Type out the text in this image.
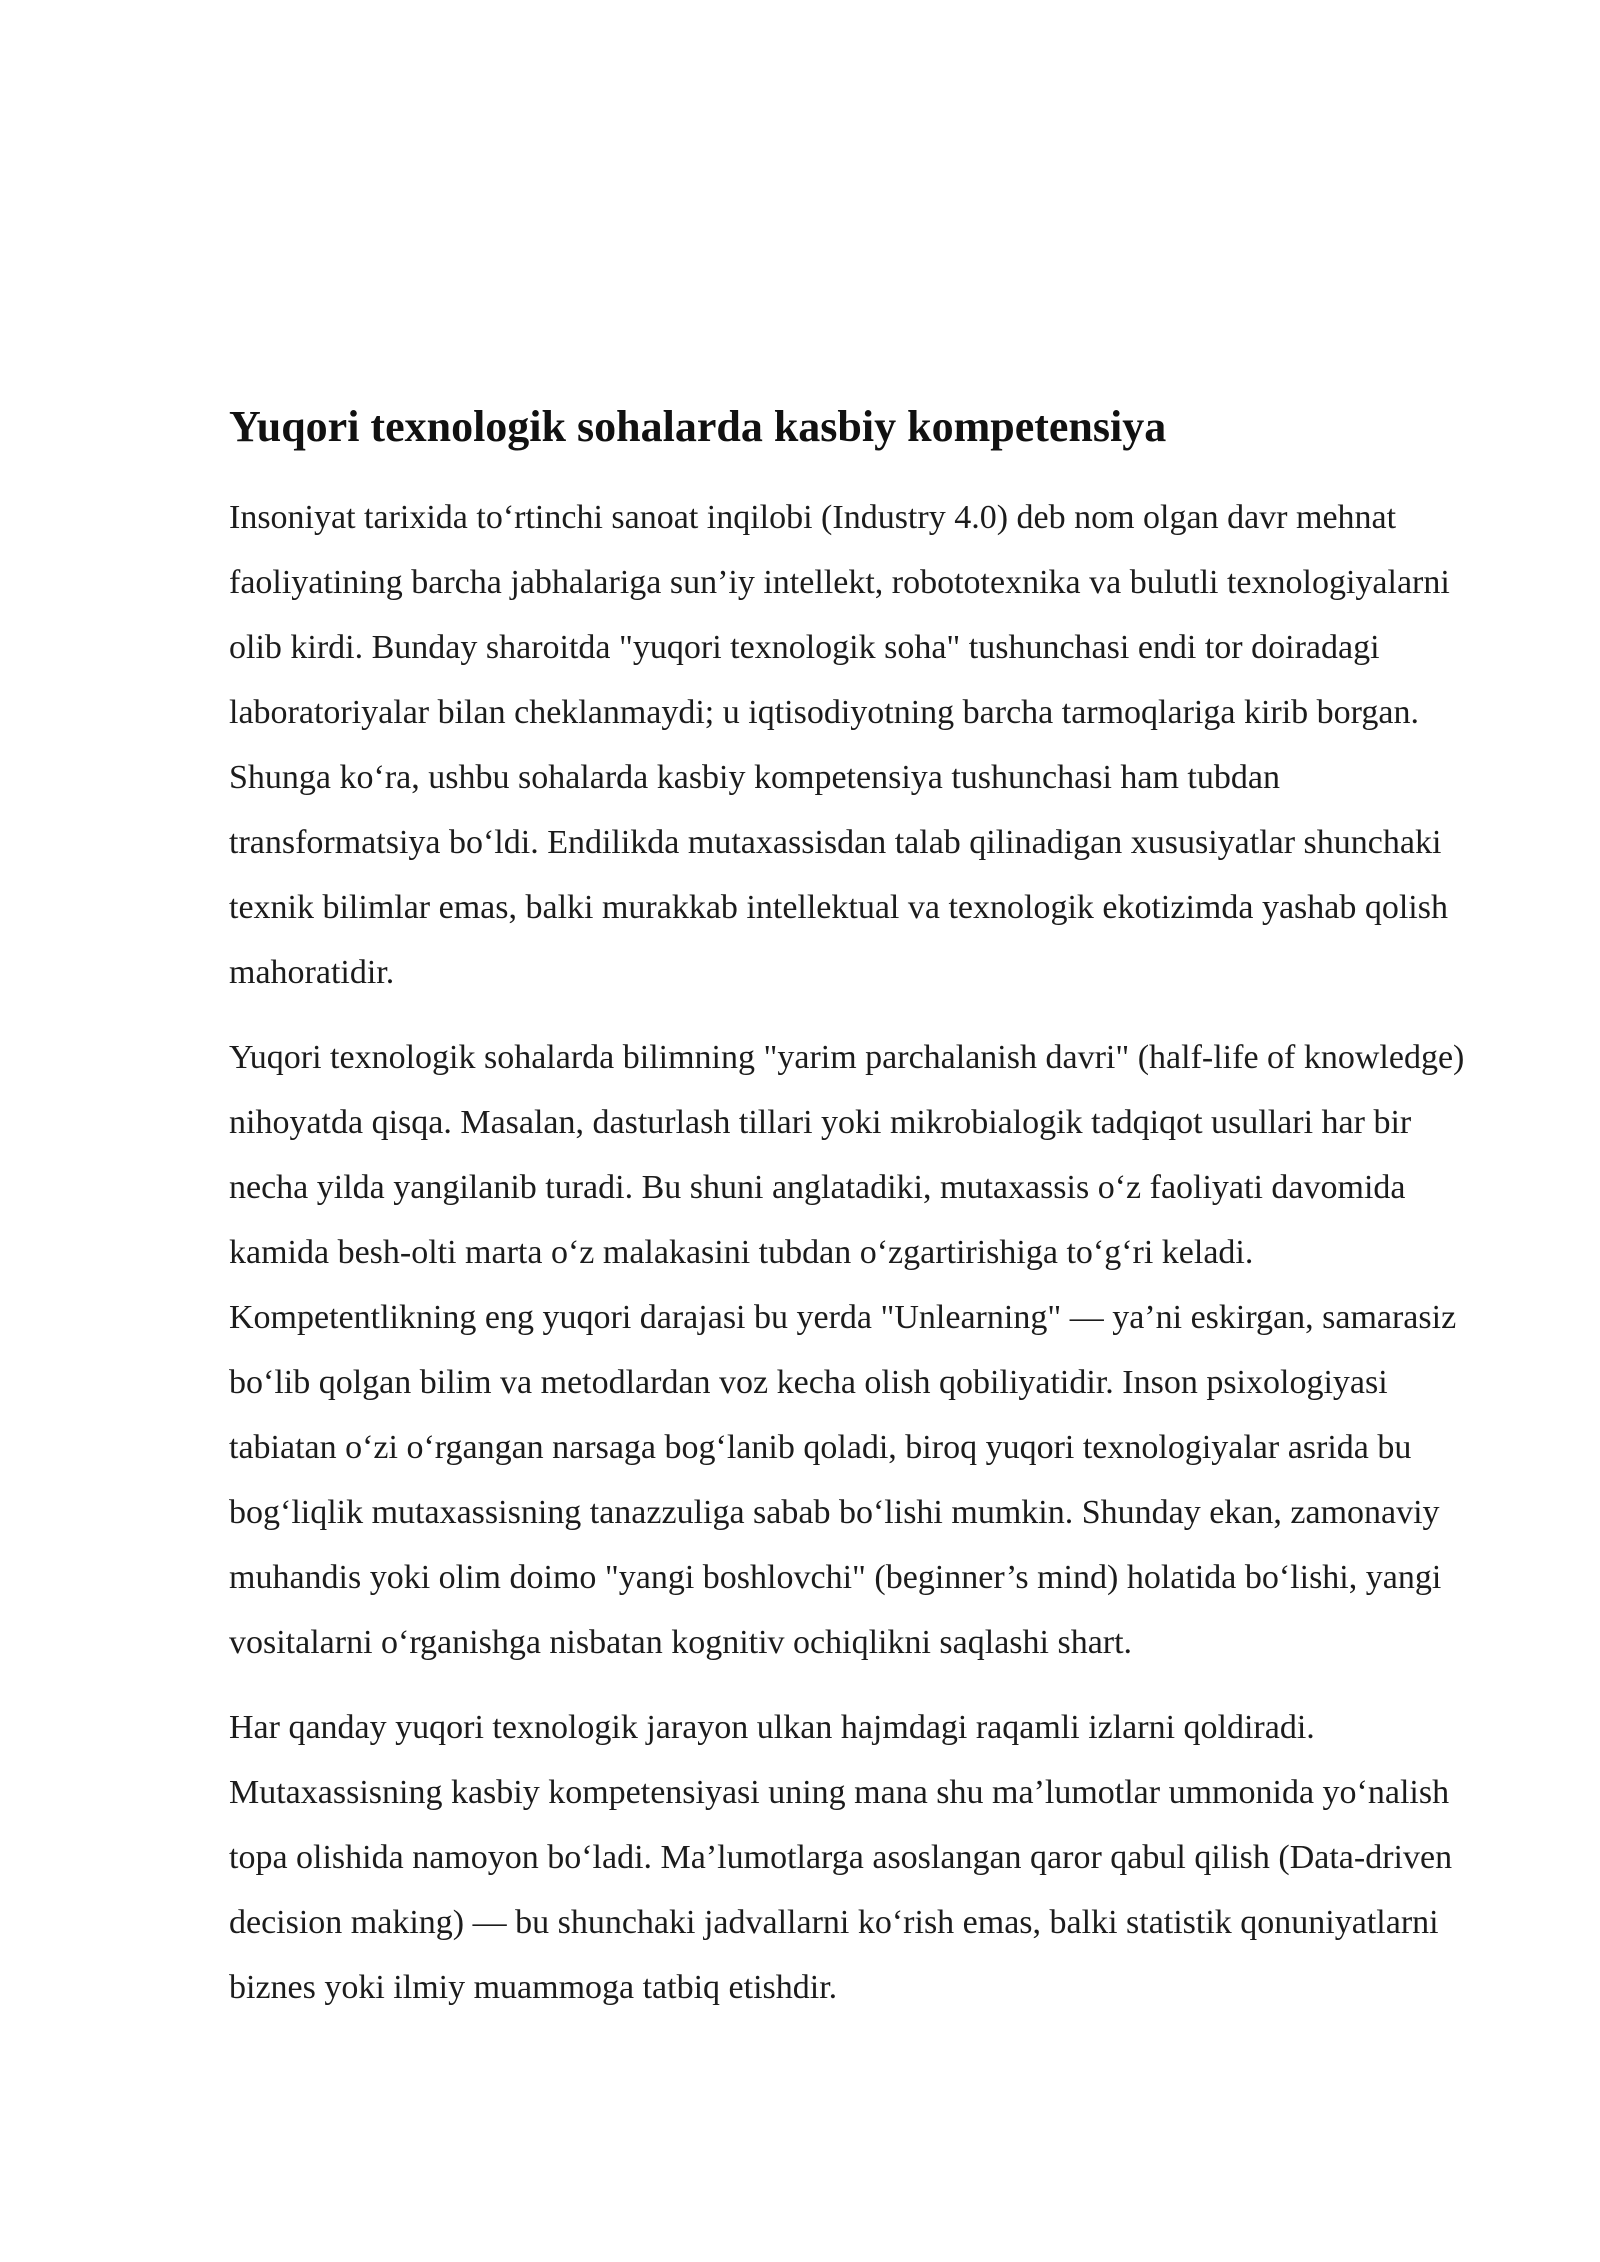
Yuqori texnologik sohalarda kasbiy kompetensiya

Insoniyat tarixida to‘rtinchi sanoat inqilobi (Industry 4.0) deb nom olgan davr mehnat faoliyatining barcha jabhalariga sun’iy intellekt, robototexnika va bulutli texnologiyalarni olib kirdi. Bunday sharoitda "yuqori texnologik soha" tushunchasi endi tor doiradagi laboratoriyalar bilan cheklanmaydi; u iqtisodiyotning barcha tarmoqlariga kirib borgan. Shunga ko‘ra, ushbu sohalarda kasbiy kompetensiya tushunchasi ham tubdan transformatsiya bo‘ldi. Endilikda mutaxassisdan talab qilinadigan xususiyatlar shunchaki texnik bilimlar emas, balki murakkab intellektual va texnologik ekotizimda yashab qolish mahoratidir.

Yuqori texnologik sohalarda bilimning "yarim parchalanish davri" (half-life of knowledge) nihoyatda qisqa. Masalan, dasturlash tillari yoki mikrobialogik tadqiqot usullari har bir necha yilda yangilanib turadi. Bu shuni anglatadiki, mutaxassis o‘z faoliyati davomida kamida besh-olti marta o‘z malakasini tubdan o‘zgartirishiga to‘g‘ri keladi. Kompetentlikning eng yuqori darajasi bu yerda "Unlearning" — ya’ni eskirgan, samarasiz bo‘lib qolgan bilim va metodlardan voz kecha olish qobiliyatidir. Inson psixologiyasi tabiatan o‘zi o‘rgangan narsaga bog‘lanib qoladi, biroq yuqori texnologiyalar asrida bu bog‘liqlik mutaxassisning tanazzuliga sabab bo‘lishi mumkin. Shunday ekan, zamonaviy muhandis yoki olim doimo "yangi boshlovchi" (beginner’s mind) holatida bo‘lishi, yangi vositalarni o‘rganishga nisbatan kognitiv ochiqlikni saqlashi shart.

Har qanday yuqori texnologik jarayon ulkan hajmdagi raqamli izlarni qoldiradi. Mutaxassisning kasbiy kompetensiyasi uning mana shu ma’lumotlar ummonida yo‘nalish topa olishida namoyon bo‘ladi. Ma’lumotlarga asoslangan qaror qabul qilish (Data-driven decision making) — bu shunchaki jadvallarni ko‘rish emas, balki statistik qonuniyatlarni biznes yoki ilmiy muammoga tatbiq etishdir.
